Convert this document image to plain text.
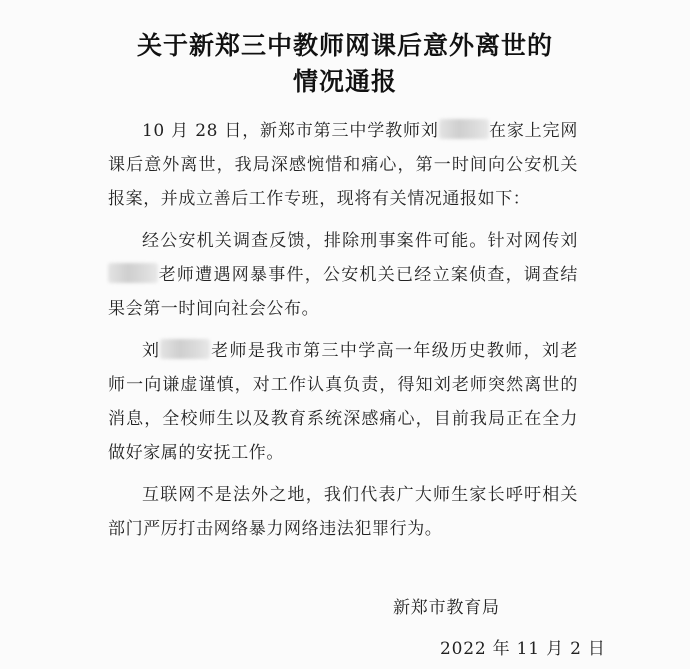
关于新郑三中教师网课后意外离世的
情况通报

10 月 28 日，新郑市第三中学教师刘	在家上完网课后意外离世，我局深感惋惜和痛心，第一时间向公安机关报案，并成立善后工作专班，现将有关情况通报如下：

经公安机关调查反馈，排除刑事案件可能。针对网传刘老师遭遇网暴事件，公安机关已经立案侦查，调查结果会第一时间向社会公布。

刘	老师是我市第三中学高一年级历史教师，刘老师一向谦虚谨慎，对工作认真负责，得知刘老师突然离世的消息，全校师生以及教育系统深感痛心，目前我局正在全力做好家属的安抚工作。

互联网不是法外之地，我们代表广大师生家长呼吁相关部门严厉打击网络暴力网络违法犯罪行为。

新郑市教育局
2022 年 11 月 2 日
